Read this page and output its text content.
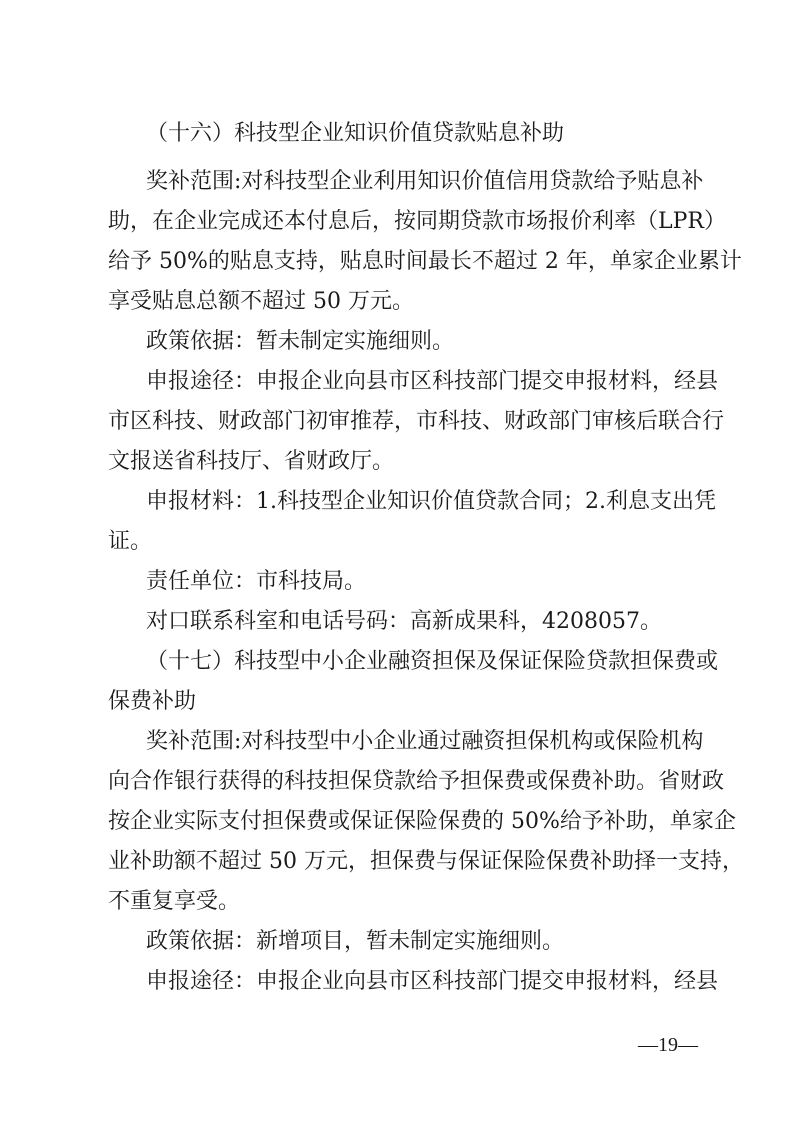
（十六）科技型企业知识价值贷款贴息补助
奖补范围:对科技型企业利用知识价值信用贷款给予贴息补
助，在企业完成还本付息后，按同期贷款市场报价利率（LPR）
给予 50%的贴息支持，贴息时间最长不超过 2 年，单家企业累计
享受贴息总额不超过 50 万元。
政策依据：暂未制定实施细则。
申报途径：申报企业向县市区科技部门提交申报材料，经县
市区科技、财政部门初审推荐，市科技、财政部门审核后联合行
文报送省科技厅、省财政厅。
申报材料：1.科技型企业知识价值贷款合同；2.利息支出凭
证。
责任单位：市科技局。
对口联系科室和电话号码：高新成果科，4208057。
（十七）科技型中小企业融资担保及保证保险贷款担保费或
保费补助
奖补范围:对科技型中小企业通过融资担保机构或保险机构
向合作银行获得的科技担保贷款给予担保费或保费补助。省财政
按企业实际支付担保费或保证保险保费的 50%给予补助，单家企
业补助额不超过 50 万元，担保费与保证保险保费补助择一支持，
不重复享受。
政策依据：新增项目，暂未制定实施细则。
申报途径：申报企业向县市区科技部门提交申报材料，经县
—19—
